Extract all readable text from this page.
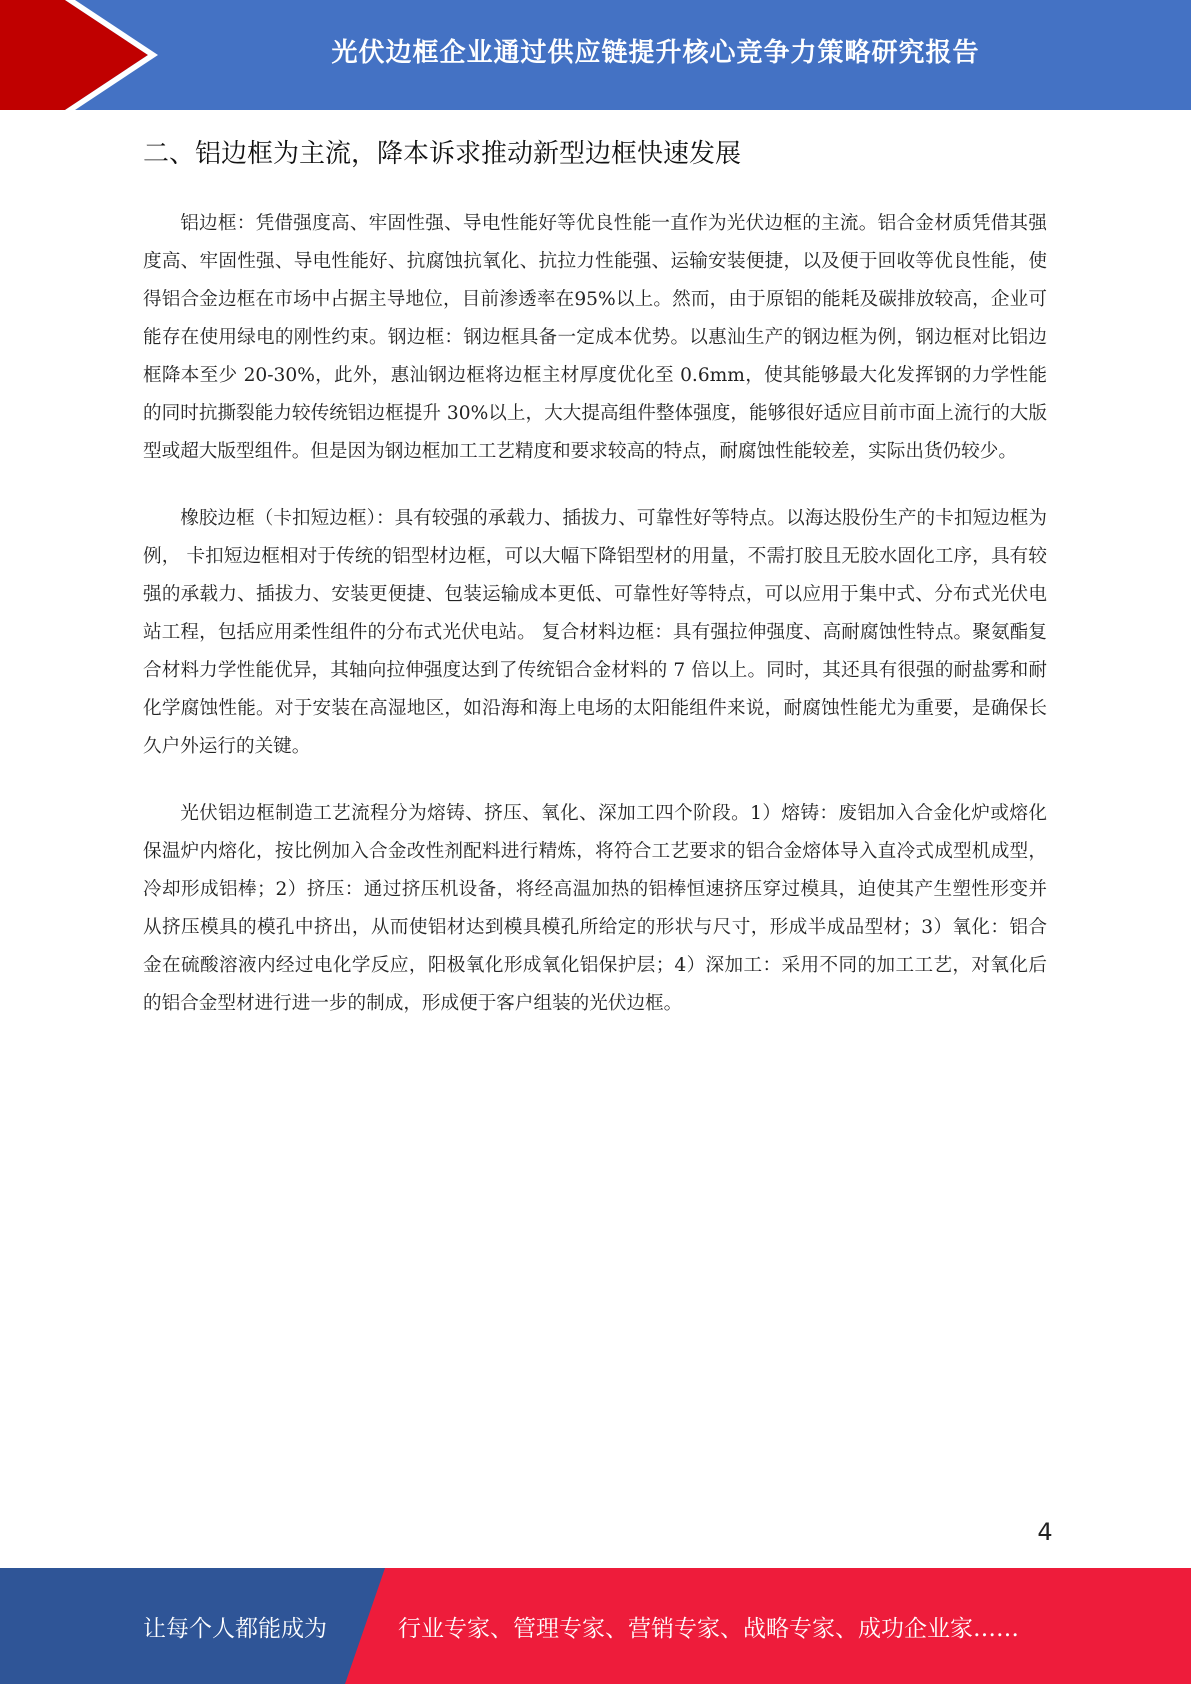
光伏边框企业通过供应链提升核心竞争力策略研究报告
二、铝边框为主流，降本诉求推动新型边框快速发展

铝边框：凭借强度高、牢固性强、导电性能好等优良性能一直作为光伏边框的主流。铝合金材质凭借其强度高、牢固性强、导电性能好、抗腐蚀抗氧化、抗拉力性能强、运输安装便捷，以及便于回收等优良性能，使得铝合金边框在市场中占据主导地位，目前渗透率在95%以上。然而，由于原铝的能耗及碳排放较高，企业可能存在使用绿电的刚性约束。钢边框：钢边框具备一定成本优势。以惠汕生产的钢边框为例，钢边框对比铝边框降本至少 20-30%，此外，惠汕钢边框将边框主材厚度优化至 0.6mm，使其能够最大化发挥钢的力学性能的同时抗撕裂能力较传统铝边框提升 30%以上，大大提高组件整体强度，能够很好适应目前市面上流行的大版型或超大版型组件。但是因为钢边框加工工艺精度和要求较高的特点，耐腐蚀性能较差，实际出货仍较少。

橡胶边框（卡扣短边框）：具有较强的承载力、插拔力、可靠性好等特点。以海达股份生产的卡扣短边框为例， 卡扣短边框相对于传统的铝型材边框，可以大幅下降铝型材的用量，不需打胶且无胶水固化工序，具有较强的承载力、插拔力、安装更便捷、包装运输成本更低、可靠性好等特点，可以应用于集中式、分布式光伏电站工程，包括应用柔性组件的分布式光伏电站。 复合材料边框：具有强拉伸强度、高耐腐蚀性特点。聚氨酯复合材料力学性能优异，其轴向拉伸强度达到了传统铝合金材料的 7 倍以上。同时，其还具有很强的耐盐雾和耐化学腐蚀性能。对于安装在高湿地区，如沿海和海上电场的太阳能组件来说，耐腐蚀性能尤为重要，是确保长久户外运行的关键。

光伏铝边框制造工艺流程分为熔铸、挤压、氧化、深加工四个阶段。1）熔铸：废铝加入合金化炉或熔化保温炉内熔化，按比例加入合金改性剂配料进行精炼，将符合工艺要求的铝合金熔体导入直冷式成型机成型，冷却形成铝棒；2）挤压：通过挤压机设备，将经高温加热的铝棒恒速挤压穿过模具，迫使其产生塑性形变并从挤压模具的模孔中挤出，从而使铝材达到模具模孔所给定的形状与尺寸，形成半成品型材；3）氧化：铝合金在硫酸溶液内经过电化学反应，阳极氧化形成氧化铝保护层；4）深加工：采用不同的加工工艺，对氧化后的铝合金型材进行进一步的制成，形成便于客户组装的光伏边框。

4
让每个人都能成为	行业专家、管理专家、营销专家、战略专家、成功企业家……
